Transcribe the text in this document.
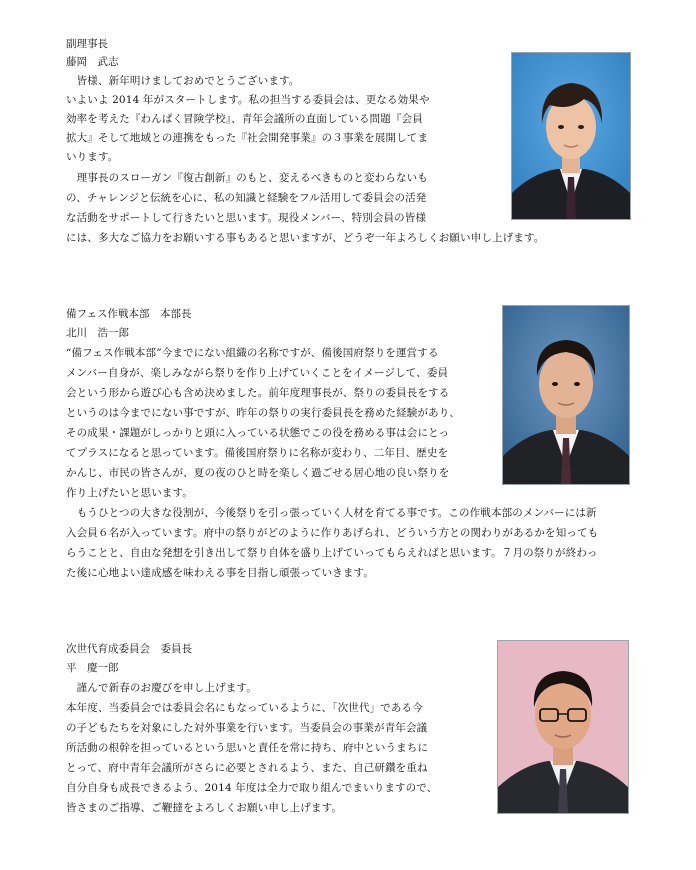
副理事長

藤岡　武志

　皆様、新年明けましておめでとうございます。

いよいよ 2014 年がスタートします。私の担当する委員会は、更なる効果や

効率を考えた『わんぱく冒険学校』、青年会議所の直面している問題『会員

拡大』そして地域との連携をもった『社会開発事業』の３事業を展開してま

いります。

　理事長のスローガン『復古創新』のもと、変えるべきものと変わらないも

の、チャレンジと伝統を心に、私の知識と経験をフル活用して委員会の活発

な活動をサポートして行きたいと思います。現役メンバー、特別会員の皆様

には、多大なご協力をお願いする事もあると思いますが、どうぞ一年よろしくお願い申し上げます。

備フェス作戦本部　本部長

北川　浩一郎

“備フェス作戦本部”今までにない組織の名称ですが、備後国府祭りを運営する

メンバー自身が、楽しみながら祭りを作り上げていくことをイメージして、委員

会という形から遊び心も含め決めました。前年度理事長が、祭りの委員長をする

というのは今までにない事ですが、昨年の祭りの実行委員長を務めた経験があり、

その成果・課題がしっかりと頭に入っている状態でこの役を務める事は会にとっ

てプラスになると思っています。備後国府祭りに名称が変わり、二年目、歴史を

かんじ、市民の皆さんが、夏の夜のひと時を楽しく過ごせる居心地の良い祭りを

作り上げたいと思います。

　もうひとつの大きな役割が、今後祭りを引っ張っていく人材を育てる事です。この作戦本部のメンバーには新

入会員６名が入っています。府中の祭りがどのように作りあげられ、どういう方との関わりがあるかを知っても

らうことと、自由な発想を引き出して祭り自体を盛り上げていってもらえればと思います。７月の祭りが終わっ

た後に心地よい達成感を味わえる事を目指し頑張っていきます。

次世代育成委員会　委員長

平　慶一郎

　謹んで新春のお慶びを申し上げます。

本年度、当委員会では委員会名にもなっているように、「次世代」である今

の子どもたちを対象にした対外事業を行います。当委員会の事業が青年会議

所活動の根幹を担っているという思いと責任を常に持ち、府中というまちに

とって、府中青年会議所がさらに必要とされるよう、また、自己研鑽を重ね

自分自身も成長できるよう、2014 年度は全力で取り組んでまいりますので、

皆さまのご指導、ご鞭撻をよろしくお願い申し上げます。
